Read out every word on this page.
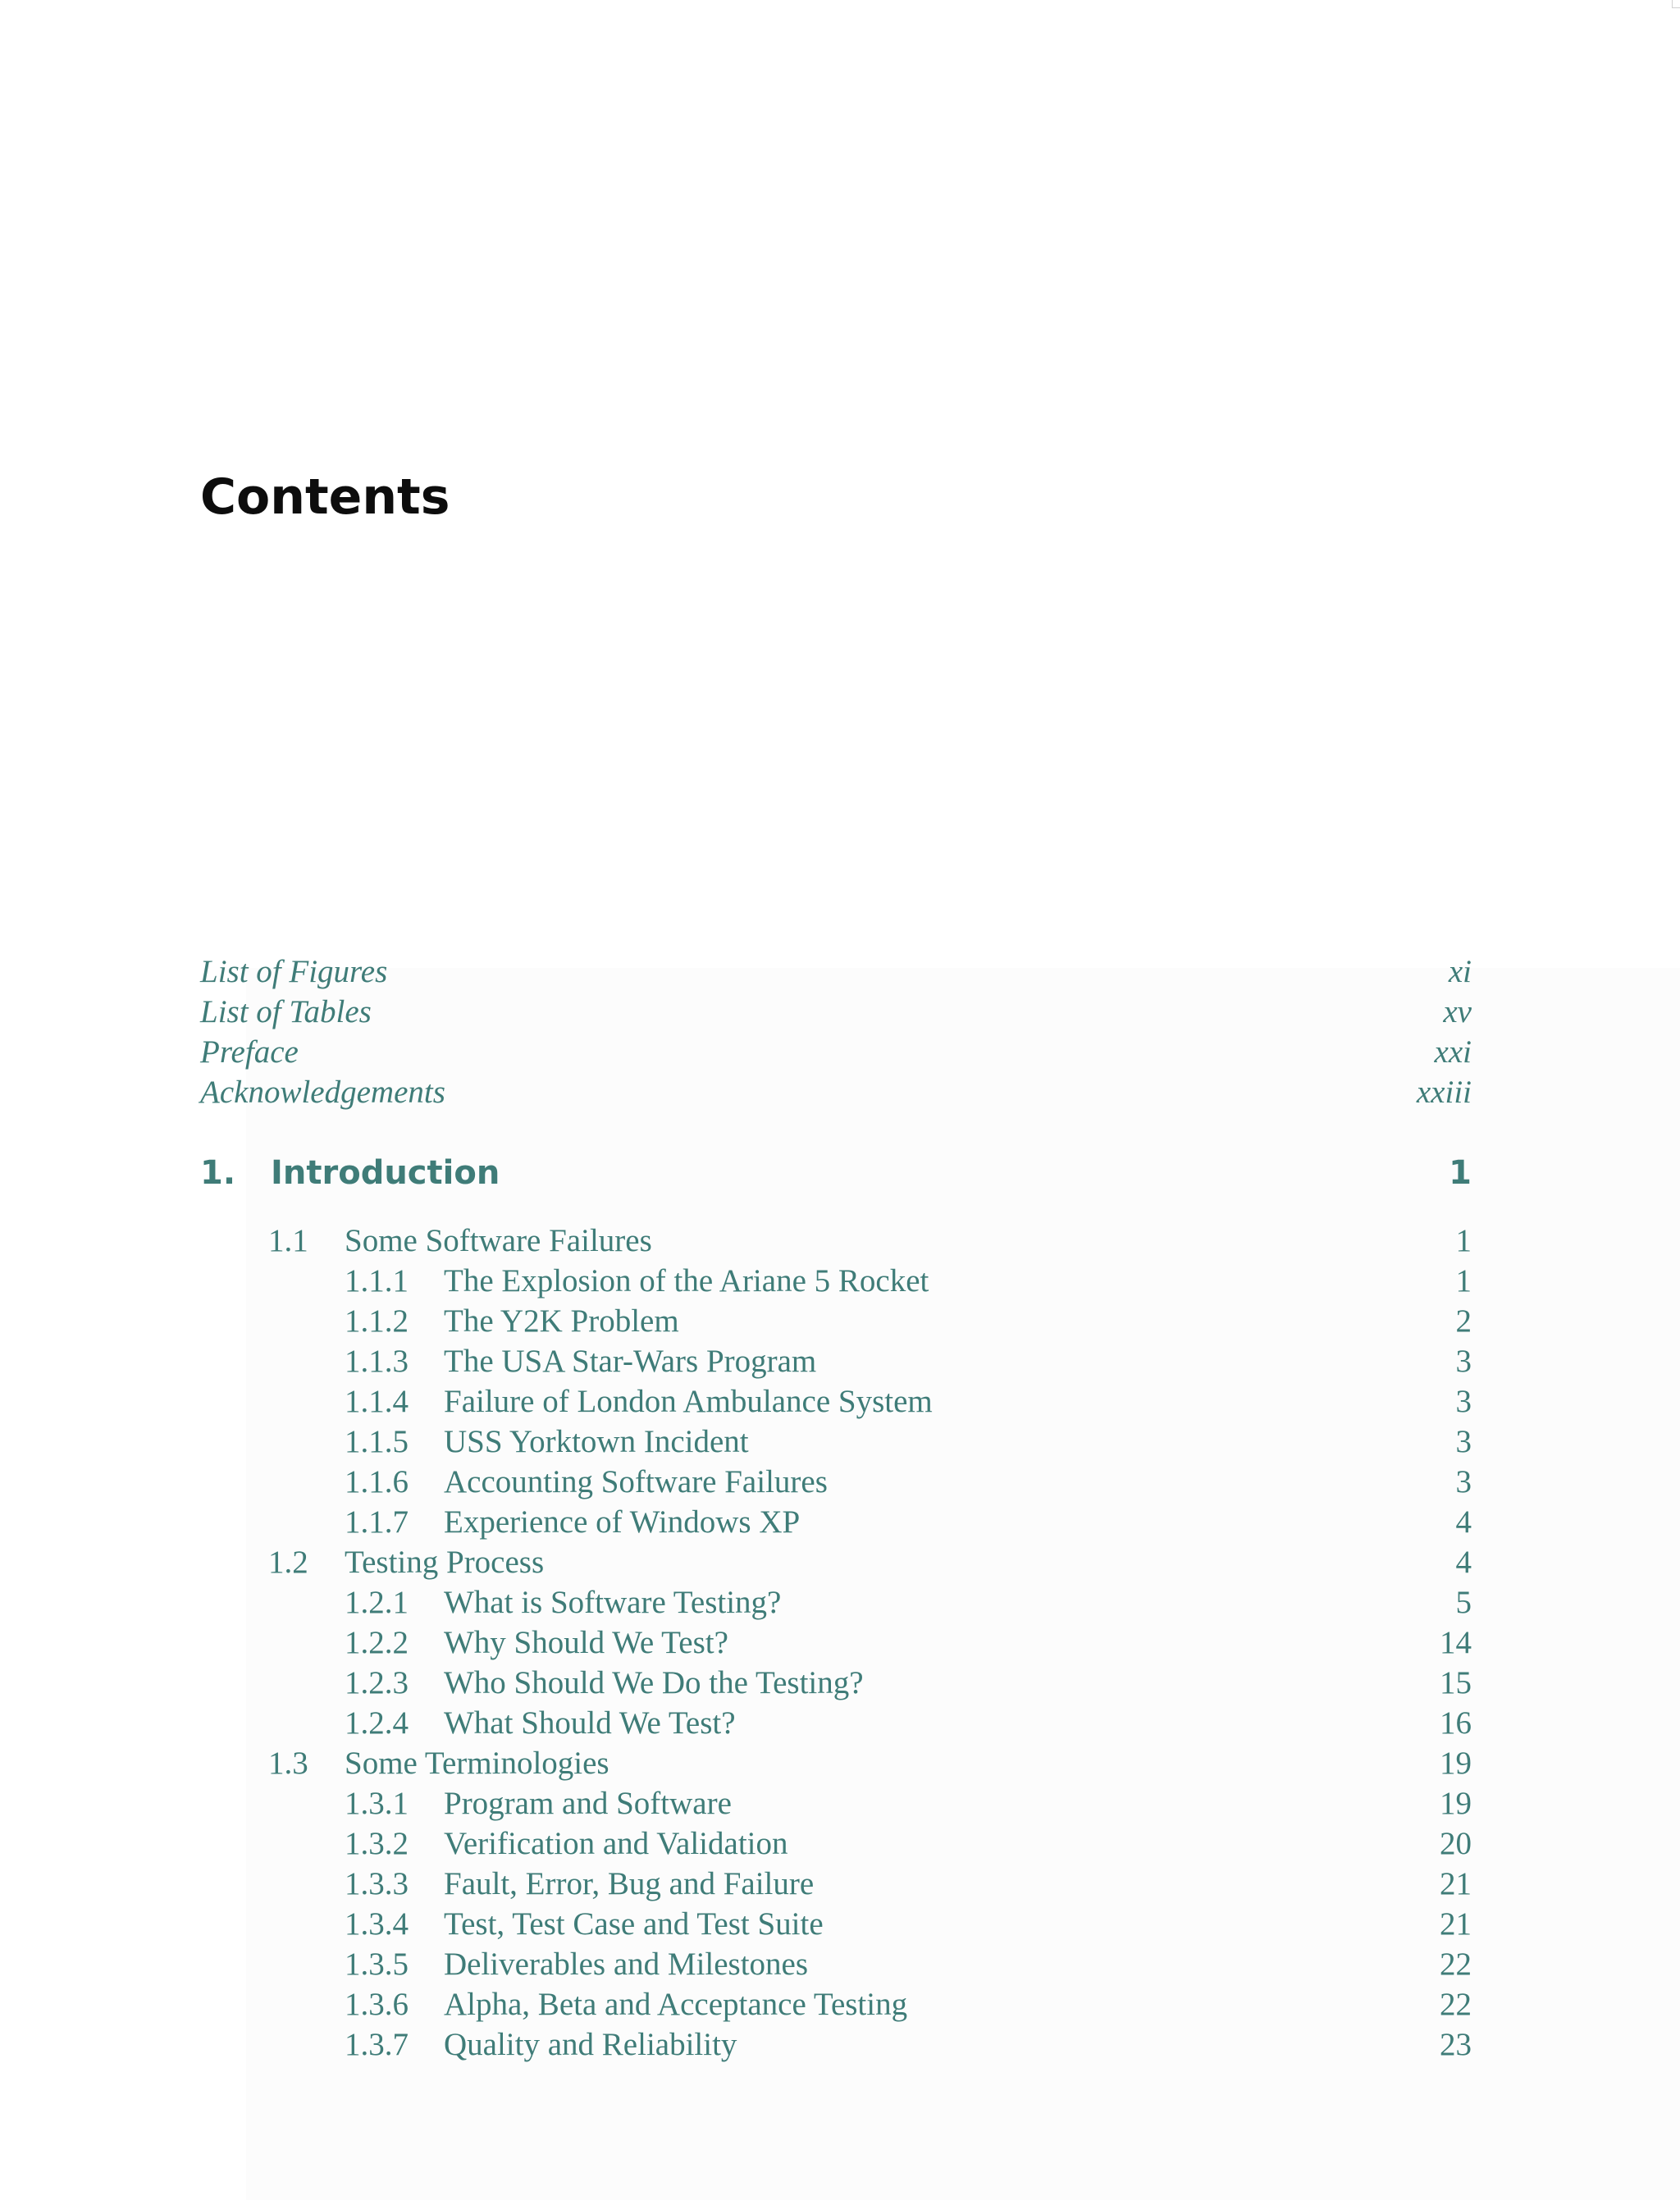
Contents
List of Figures	xi
List of Tables	xv
Preface	xxi
Acknowledgements	xxiii
1. Introduction	1
1.1 Some Software Failures	1
1.1.1 The Explosion of the Ariane 5 Rocket	1
1.1.2 The Y2K Problem	2
1.1.3 The USA Star-Wars Program	3
1.1.4 Failure of London Ambulance System	3
1.1.5 USS Yorktown Incident	3
1.1.6 Accounting Software Failures	3
1.1.7 Experience of Windows XP	4
1.2 Testing Process	4
1.2.1 What is Software Testing?	5
1.2.2 Why Should We Test?	14
1.2.3 Who Should We Do the Testing?	15
1.2.4 What Should We Test?	16
1.3 Some Terminologies	19
1.3.1 Program and Software	19
1.3.2 Verification and Validation	20
1.3.3 Fault, Error, Bug and Failure	21
1.3.4 Test, Test Case and Test Suite	21
1.3.5 Deliverables and Milestones	22
1.3.6 Alpha, Beta and Acceptance Testing	22
1.3.7 Quality and Reliability	23
